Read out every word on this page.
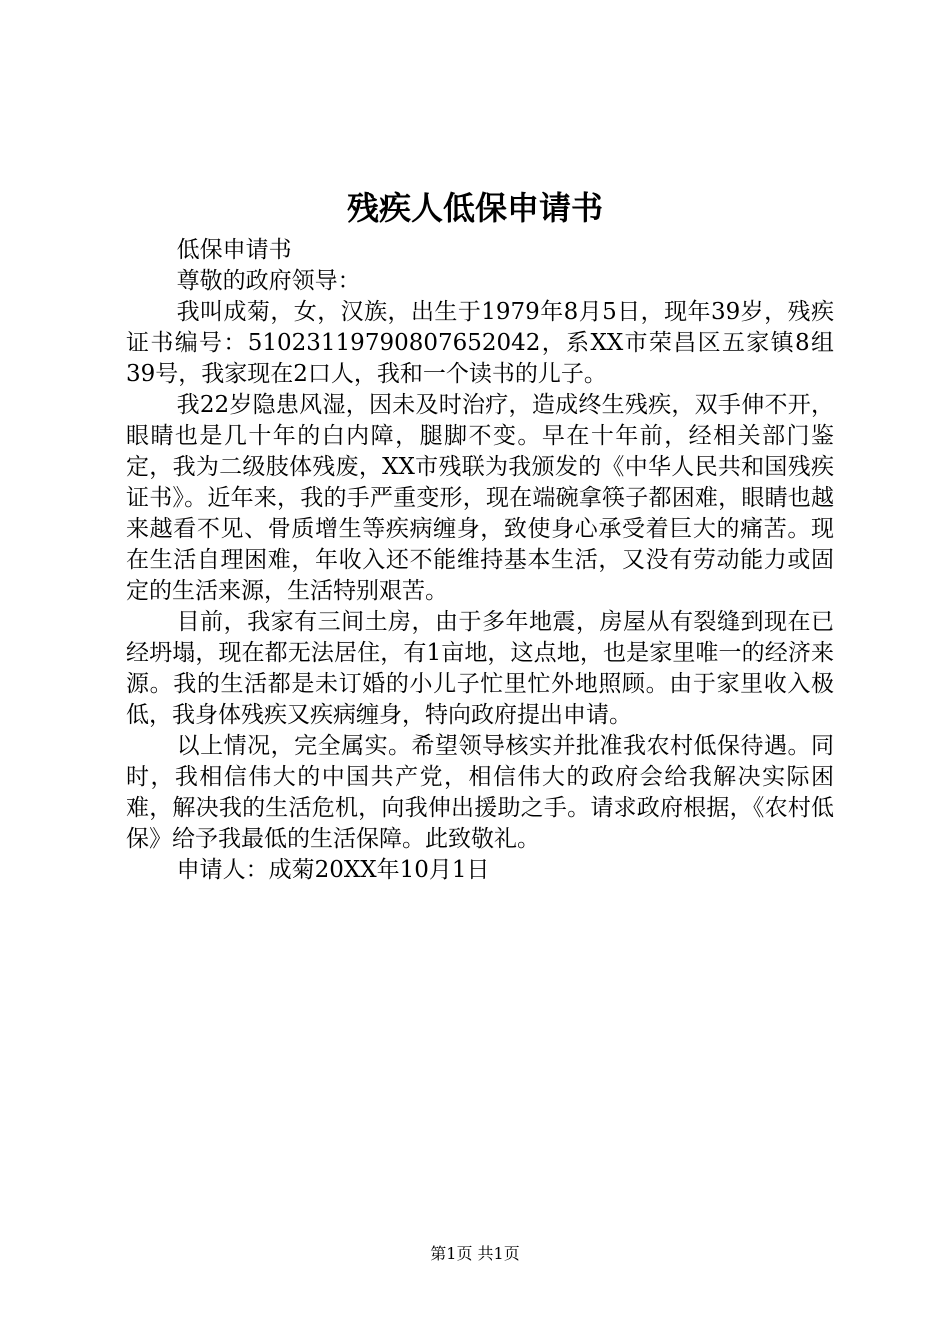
残疾人低保申请书

低保申请书

尊敬的政府领导：

我叫成菊，女，汉族，出生于1979年8月5日，现年39岁，残疾证书编号：51023119790807652042，系XX市荣昌区五家镇8组39号，我家现在2口人，我和一个读书的儿子。

我22岁隐患风湿，因未及时治疗，造成终生残疾，双手伸不开，眼睛也是几十年的白内障，腿脚不变。早在十年前，经相关部门鉴定，我为二级肢体残废，XX市残联为我颁发的《中华人民共和国残疾证书》。近年来，我的手严重变形，现在端碗拿筷子都困难，眼睛也越来越看不见、骨质增生等疾病缠身，致使身心承受着巨大的痛苦。现在生活自理困难，年收入还不能维持基本生活，又没有劳动能力或固定的生活来源，生活特别艰苦。

目前，我家有三间土房，由于多年地震，房屋从有裂缝到现在已经坍塌，现在都无法居住，有1亩地，这点地，也是家里唯一的经济来源。我的生活都是未订婚的小儿子忙里忙外地照顾。由于家里收入极低，我身体残疾又疾病缠身，特向政府提出申请。

以上情况，完全属实。希望领导核实并批准我农村低保待遇。同时，我相信伟大的中国共产党，相信伟大的政府会给我解决实际困难，解决我的生活危机，向我伸出援助之手。请求政府根据，《农村低保》给予我最低的生活保障。此致敬礼。

申请人：成菊20XX年10月1日

第1页 共1页
